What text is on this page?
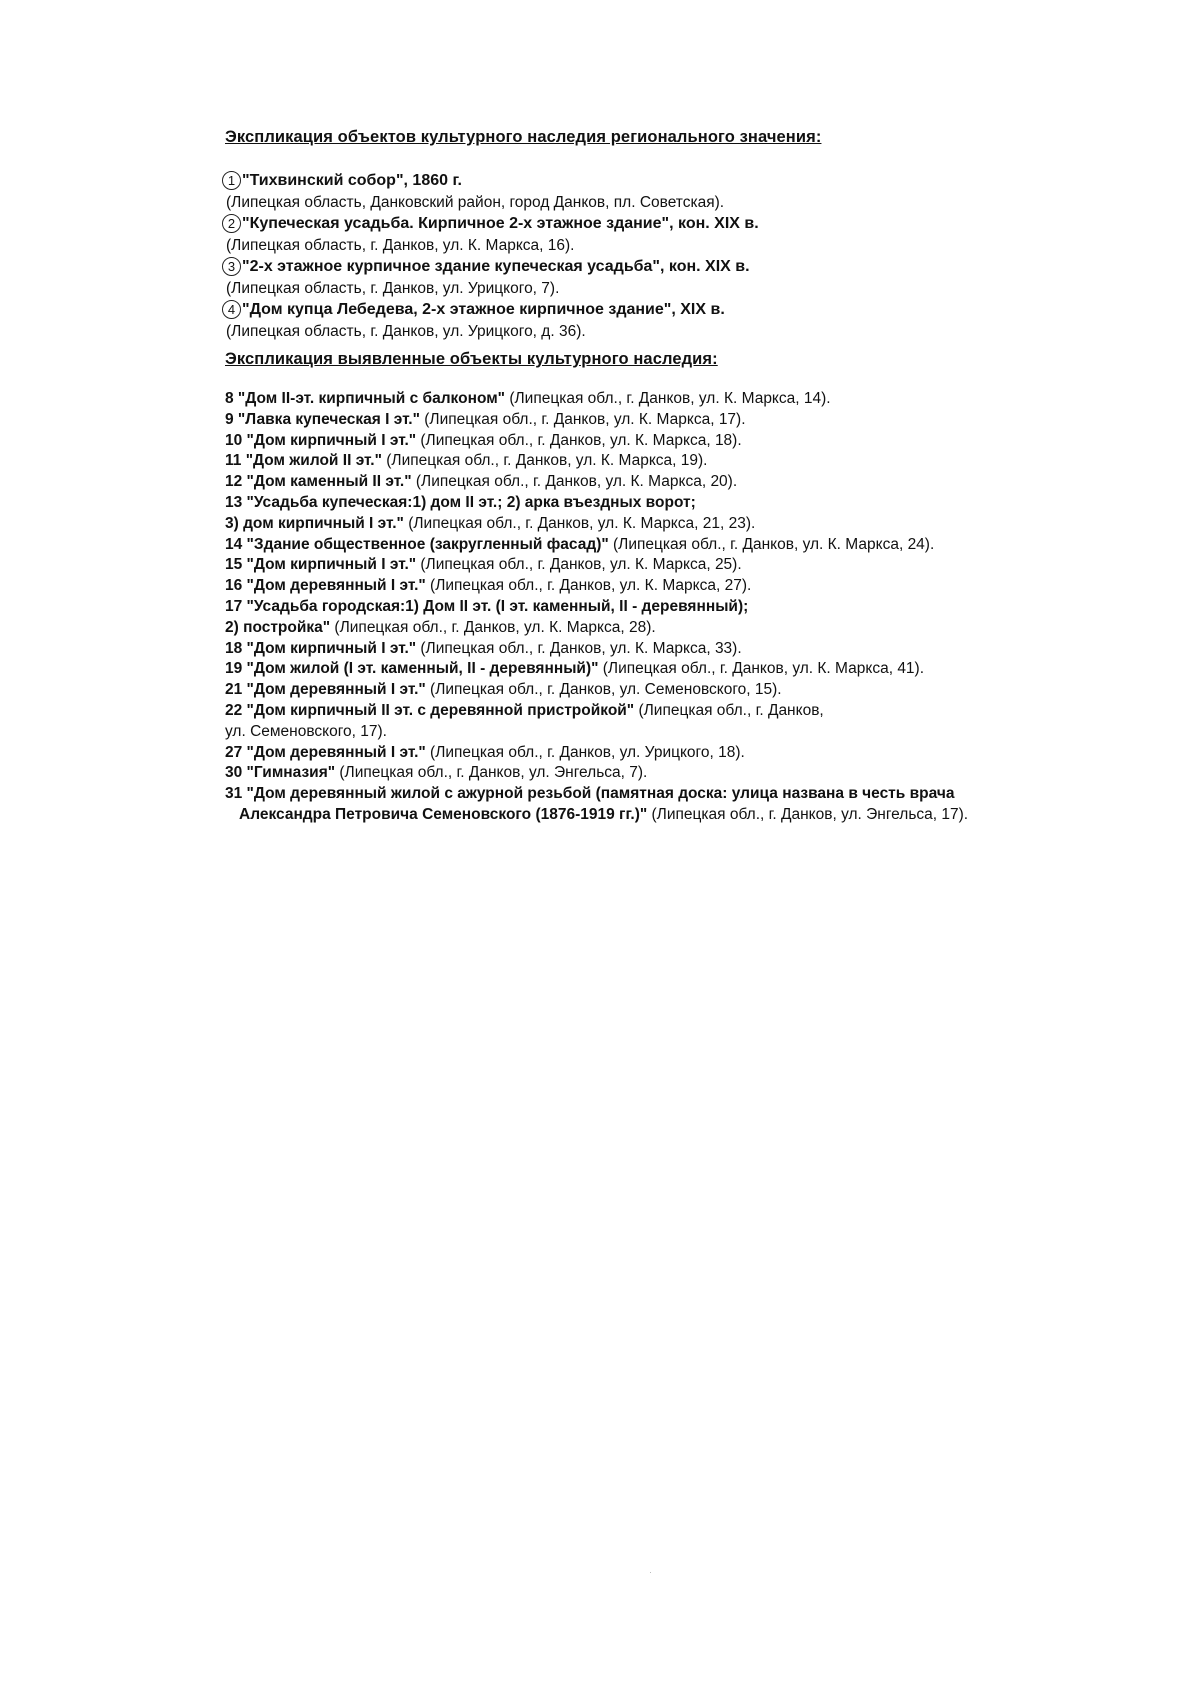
Экспликация объектов культурного наследия регионального значения:
1 "Тихвинский собор", 1860 г.
(Липецкая область, Данковский район, город Данков, пл. Советская).
2 "Купеческая усадьба. Кирпичное 2-х этажное здание", кон. XIX в.
(Липецкая область, г. Данков, ул. К. Маркса, 16).
3 "2-х этажное курпичное здание купеческая усадьба", кон. XIX в.
(Липецкая область, г. Данков, ул. Урицкого, 7).
4 "Дом купца Лебедева, 2-х этажное кирпичное здание", XIX в.
(Липецкая область, г. Данков, ул. Урицкого, д. 36).
Экспликация выявленные объекты культурного наследия:
8 "Дом II-эт. кирпичный с балконом" (Липецкая обл., г. Данков, ул. К. Маркса, 14).
9 "Лавка купеческая I эт." (Липецкая обл., г. Данков, ул. К. Маркса, 17).
10 "Дом кирпичный I эт." (Липецкая обл., г. Данков, ул. К. Маркса, 18).
11 "Дом жилой II эт." (Липецкая обл., г. Данков, ул. К. Маркса, 19).
12 "Дом каменный II эт." (Липецкая обл., г. Данков, ул. К. Маркса, 20).
13 "Усадьба купеческая:1) дом II эт.; 2) арка въездных ворот;
3) дом кирпичный I эт." (Липецкая обл., г. Данков, ул. К. Маркса, 21, 23).
14 "Здание общественное (закругленный фасад)" (Липецкая обл., г. Данков, ул. К. Маркса, 24).
15 "Дом кирпичный I эт." (Липецкая обл., г. Данков, ул. К. Маркса, 25).
16 "Дом деревянный I эт." (Липецкая обл., г. Данков, ул. К. Маркса, 27).
17 "Усадьба городская:1) Дом II эт. (I эт. каменный, II - деревянный);
2) постройка" (Липецкая обл., г. Данков, ул. К. Маркса, 28).
18 "Дом кирпичный I эт." (Липецкая обл., г. Данков, ул. К. Маркса, 33).
19 "Дом жилой (I эт. каменный, II - деревянный)" (Липецкая обл., г. Данков, ул. К. Маркса, 41).
21 "Дом деревянный I эт." (Липецкая обл., г. Данков, ул. Семеновского, 15).
22 "Дом кирпичный II эт. с деревянной пристройкой" (Липецкая обл., г. Данков,
ул. Семеновского, 17).
27 "Дом деревянный I эт." (Липецкая обл., г. Данков, ул. Урицкого, 18).
30 "Гимназия" (Липецкая обл., г. Данков, ул. Энгельса, 7).
31 "Дом деревянный жилой с ажурной резьбой (памятная доска: улица названа в честь врача
Александра Петровича Семеновского (1876-1919 гг.)" (Липецкая обл., г. Данков, ул. Энгельса, 17).
